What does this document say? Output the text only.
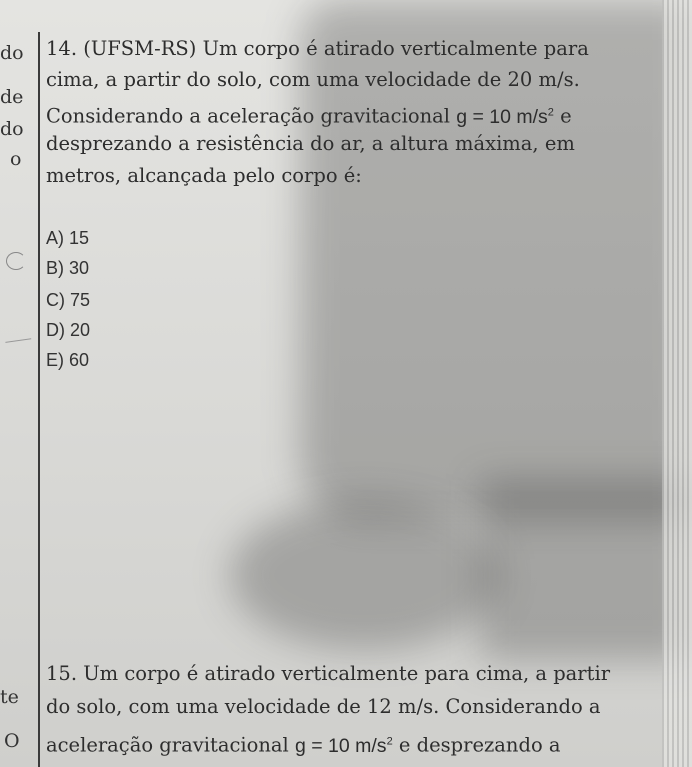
do
de
do
o
te
O
14. (UFSM-RS) Um corpo é atirado verticalmente para
cima, a partir do solo, com uma velocidade de 20 m/s.
Considerando a aceleração gravitacional g = 10 $m/s^2$ e
desprezando a resistência do ar, a altura máxima, em
metros, alcançada pelo corpo é:
A) 15
B) 30
C) 75
D) 20
E) 60
15. Um corpo é atirado verticalmente para cima, a partir
do solo, com uma velocidade de 12 m/s. Considerando a
aceleração gravitacional g = 10 $m/s^2$ e desprezando a
